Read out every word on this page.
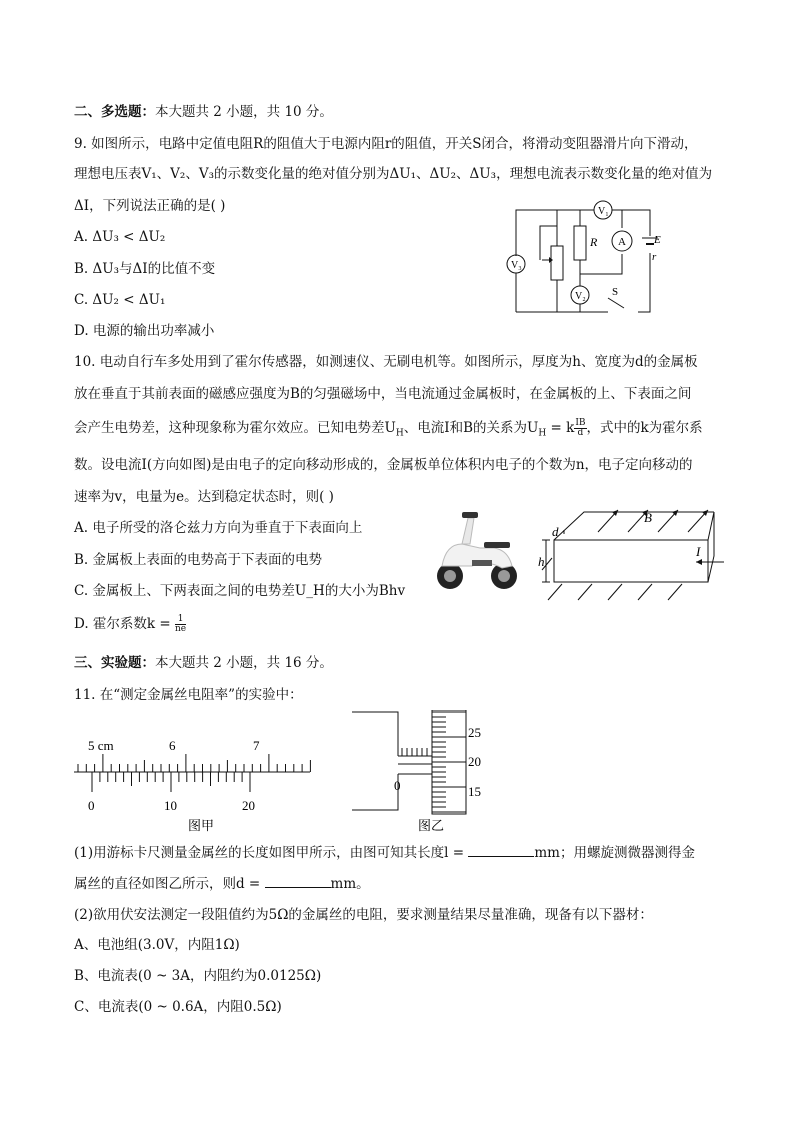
二、多选题：本大题共 2 小题，共 10 分。
9. 如图所示，电路中定值电阻R的阻值大于电源内阻r的阻值，开关S闭合，将滑动变阻器滑片向下滑动，
理想电压表V₁、V₂、V₃的示数变化量的绝对值分别为ΔU₁、ΔU₂、ΔU₃，理想电流表示数变化量的绝对值为
ΔI，下列说法正确的是( )
A. ΔU₃ < ΔU₂
B. ΔU₃与ΔI的比值不变
C. ΔU₂ < ΔU₁
D. 电源的输出功率减小
V₃
V₁
A
V₂
R	E
r
S
10. 电动自行车多处用到了霍尔传感器，如测速仪、无刷电机等。如图所示，厚度为h、宽度为d的金属板
放在垂直于其前表面的磁感应强度为B的匀强磁场中，当电流通过金属板时，在金属板的上、下表面之间
会产生电势差，这种现象称为霍尔效应。已知电势差$U_H$、电流I和B的关系为$U_H = k \frac{IB}{d}$ ，式中的k为霍尔系
数。设电流I(方向如图)是由电子的定向移动形成的，金属板单位体积内电子的个数为n，电子定向移动的
速率为v，电量为e。达到稳定状态时，则( )
A. 电子所受的洛仑兹力方向为垂直于下表面向上
B. 金属板上表面的电势高于下表面的电势
C. 金属板上、下两表面之间的电势差U_H的大小为Bhv
D. 霍尔系数$k = \frac{1}{ne}$
d
h
B
I
三、实验题：本大题共 2 小题，共 16 分。
11. 在“测定金属丝电阻率”的实验中：
5 cm	6	7
0	10	20
图甲
25
20
15
0
图乙
(1)用游标卡尺测量金属丝的长度如图甲所示，由图可知其长度l =	mm；用螺旋测微器测得金
属丝的直径如图乙所示，则d =	mm。
(2)欲用伏安法测定一段阻值约为5Ω的金属丝的电阻，要求测量结果尽量准确，现备有以下器材：
A、电池组(3.0V，内阻1Ω)
B、电流表(0 ~ 3A，内阻约为0.0125Ω)
C、电流表(0 ~ 0.6A，内阻0.5Ω)
